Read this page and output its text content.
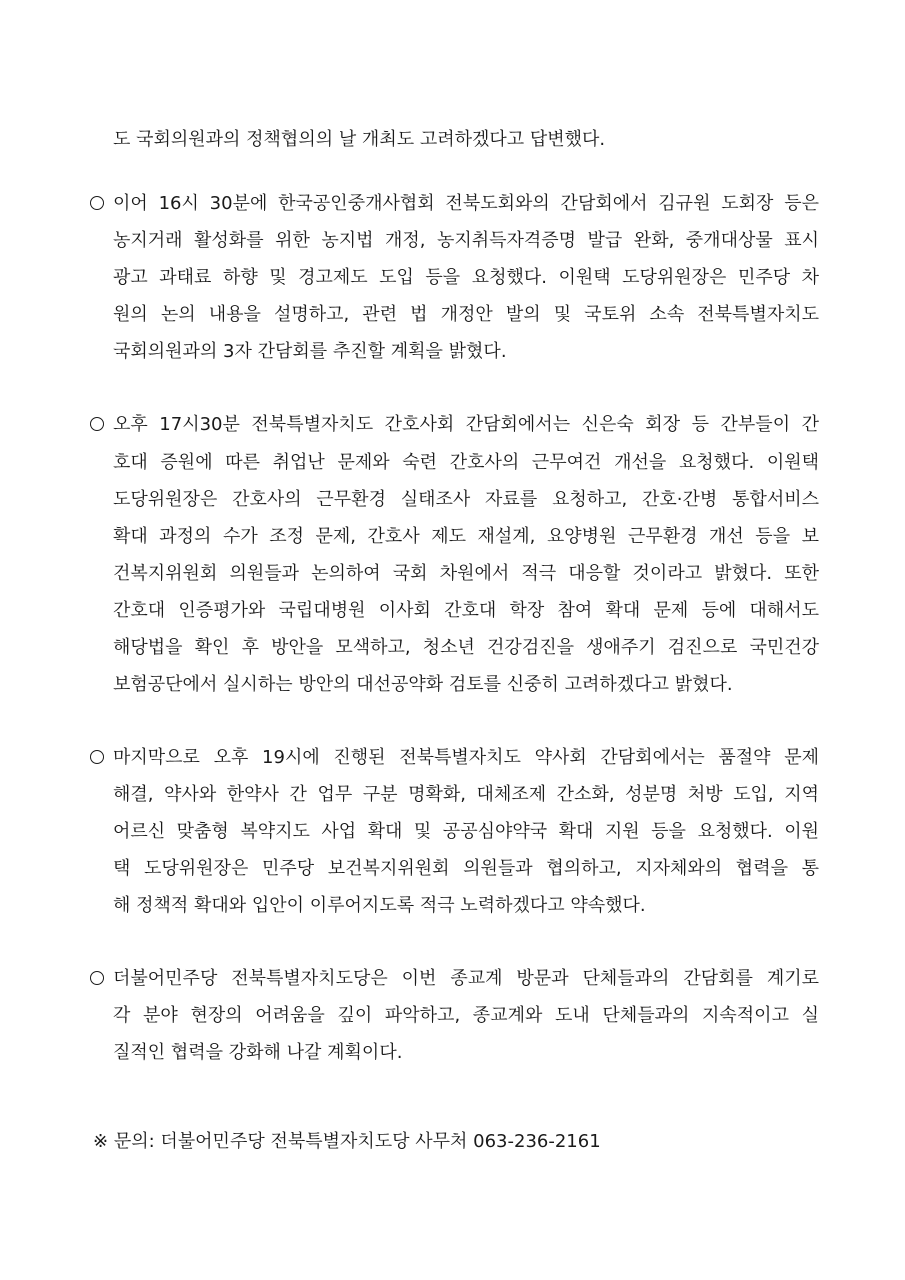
도 국회의원과의 정책협의의 날 개최도 고려하겠다고 답변했다.
이어 16시 30분에 한국공인중개사협회 전북도회와의 간담회에서 김규원 도회장 등은
농지거래 활성화를 위한 농지법 개정, 농지취득자격증명 발급 완화, 중개대상물 표시
광고 과태료 하향 및 경고제도 도입 등을 요청했다. 이원택 도당위원장은 민주당 차
원의 논의 내용을 설명하고, 관련 법 개정안 발의 및 국토위 소속 전북특별자치도
국회의원과의 3자 간담회를 추진할 계획을 밝혔다.
오후 17시30분 전북특별자치도 간호사회 간담회에서는 신은숙 회장 등 간부들이 간
호대 증원에 따른 취업난 문제와 숙련 간호사의 근무여건 개선을 요청했다. 이원택
도당위원장은 간호사의 근무환경 실태조사 자료를 요청하고, 간호·간병 통합서비스
확대 과정의 수가 조정 문제, 간호사 제도 재설계, 요양병원 근무환경 개선 등을 보
건복지위원회 의원들과 논의하여 국회 차원에서 적극 대응할 것이라고 밝혔다. 또한
간호대 인증평가와 국립대병원 이사회 간호대 학장 참여 확대 문제 등에 대해서도
해당법을 확인 후 방안을 모색하고, 청소년 건강검진을 생애주기 검진으로 국민건강
보험공단에서 실시하는 방안의 대선공약화 검토를 신중히 고려하겠다고 밝혔다.
마지막으로 오후 19시에 진행된 전북특별자치도 약사회 간담회에서는 품절약 문제
해결, 약사와 한약사 간 업무 구분 명확화, 대체조제 간소화, 성분명 처방 도입, 지역
어르신 맞춤형 복약지도 사업 확대 및 공공심야약국 확대 지원 등을 요청했다. 이원
택 도당위원장은 민주당 보건복지위원회 의원들과 협의하고, 지자체와의 협력을 통
해 정책적 확대와 입안이 이루어지도록 적극 노력하겠다고 약속했다.
더불어민주당 전북특별자치도당은 이번 종교계 방문과 단체들과의 간담회를 계기로
각 분야 현장의 어려움을 깊이 파악하고, 종교계와 도내 단체들과의 지속적이고 실
질적인 협력을 강화해 나갈 계획이다.
※ 문의: 더불어민주당 전북특별자치도당 사무처 063-236-2161
